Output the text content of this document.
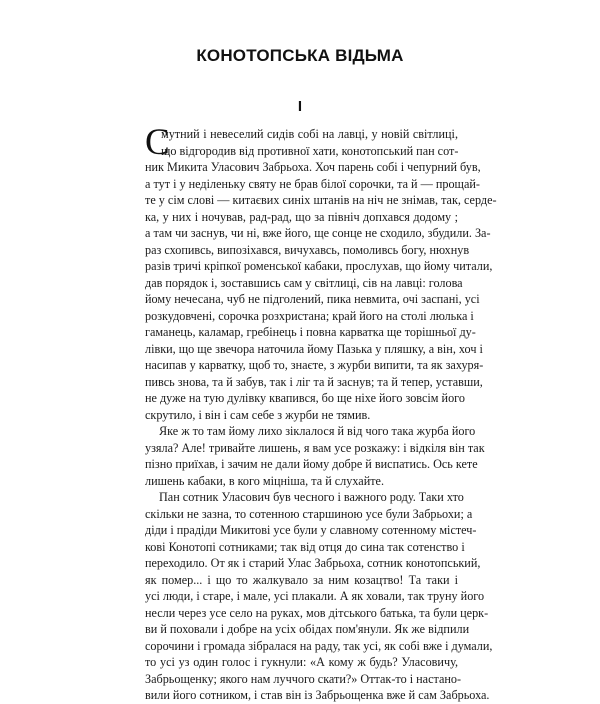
КОНОТОПСЬКА ВІДЬМА
І
С
мутний і невеселий сидів собі на лавці, у новій світлиці,
що відгородив від противної хати, конотопський пан сот-
ник Микита Уласович Забрьоха. Хоч парень собі і чепурний був,
а тут і у неділеньку святу не брав білої сорочки, та й — прощай-
те у сім слові — китаєвих синіх штанів на ніч не знімав, так, серде-
ка, у них і ночував, рад-рад, що за північ допхався додому ;
а там чи заснув, чи ні, вже його, ще сонце не сходило, збудили. За-
раз схопивсь, випозіхався, вичухавсь, помоливсь богу, нюхнув
разів тричі кріпкої роменської кабаки, прослухав, що йому читали,
дав порядок і, зоставшись сам у світлиці, сів на лавці: голова
йому нечесана, чуб не підголений, пика невмита, очі заспані, усі
розкудовчені, сорочка розхристана; край його на столі люлька і
гаманець, каламар, гребінець і повна карватка ще торішньої ду-
лівки, що ще звечора наточила йому Пазька у пляшку, а він, хоч і
насипав у карватку, щоб то, знаєте, з журби випити, та як захуря-
пивсь знова, та й забув, так і ліг та й заснув; та й тепер, уставши,
не дуже на тую дулівку квапився, бо ще ніхе його зовсім його
скрутило, і він і сам себе з журби не тямив.
Яке ж то там йому лихо зіклалося й від чого така журба його
узяла? Але! тривайте лишень, я вам усе розкажу: і відкіля він так
пізно приїхав, і зачим не дали йому добре й виспатись. Ось кете
лишень кабаки, в кого міцніша, та й слухайте.
Пан сотник Уласович був чесного і важного роду. Таки хто
скільки не зазна, то сотенною старшиною усе були Забрьохи; а
діди і прадіди Микитові усе були у славному сотенному містеч-
кові Конотопі сотниками; так від отця до сина так сотенство і
переходило. От як і старий Улас Забрьоха, сотник конотопський,
як помер... і що то жалкувало за ним козацтво! Та таки і
усі люди, і старе, і мале, усі плакали. А як ховали, так труну його
несли через усе село на руках, мов дітського батька, та були церк-
ви й поховали і добре на усіх обідах пом'янули. Як же відпили
сорочини і громада зібралася на раду, так усі, як собі вже і думали,
то усі уз один голос і гукнули: «А кому ж будь? Уласовичу,
Забрьощенку; якого нам луччого скати?» Оттак-то і настано-
вили його сотником, і став він із Забрьощенка вже й сам Забрьоха.
